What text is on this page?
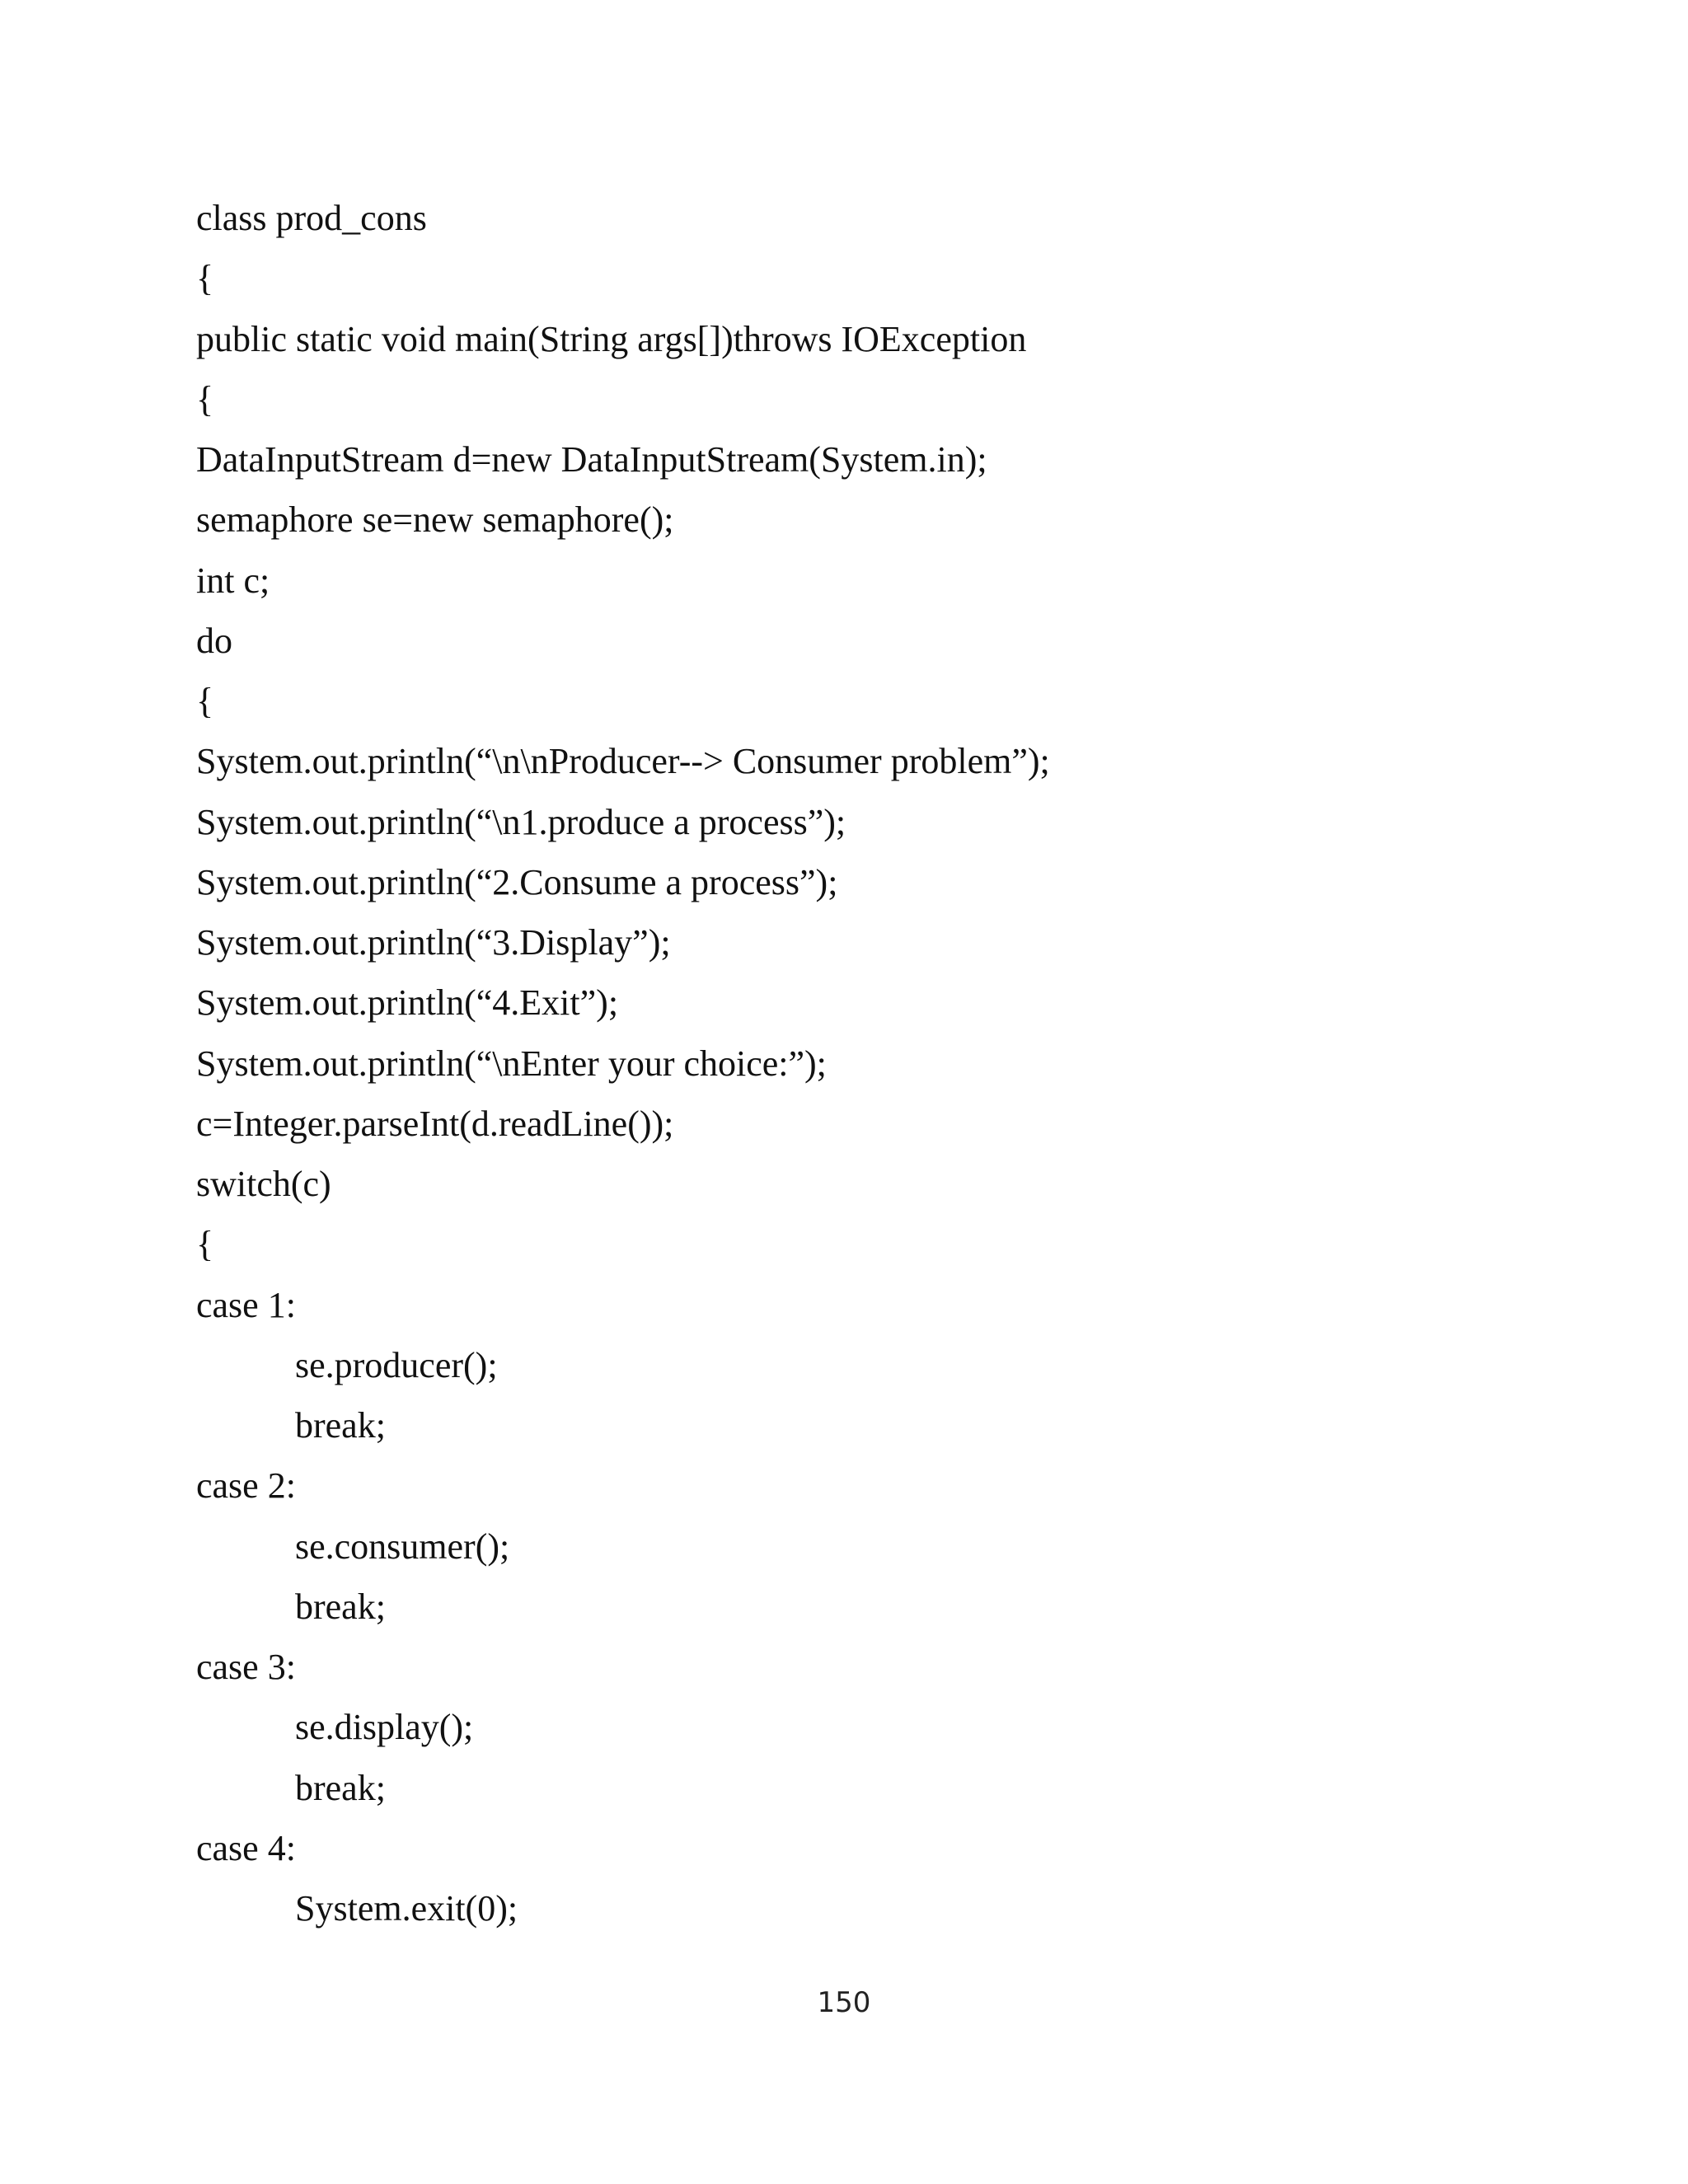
class prod_cons
{
public static void main(String args[])throws IOException
{
DataInputStream d=new DataInputStream(System.in);
semaphore se=new semaphore();
int c;
do
{
System.out.println(“\n\nProducer--> Consumer problem”);
System.out.println(“\n1.produce a process”);
System.out.println(“2.Consume a process”);
System.out.println(“3.Display”);
System.out.println(“4.Exit”);
System.out.println(“\nEnter your choice:”);
c=Integer.parseInt(d.readLine());
switch(c)
{
case 1:
se.producer();
break;
case 2:
se.consumer();
break;
case 3:
se.display();
break;
case 4:
System.exit(0);
150
